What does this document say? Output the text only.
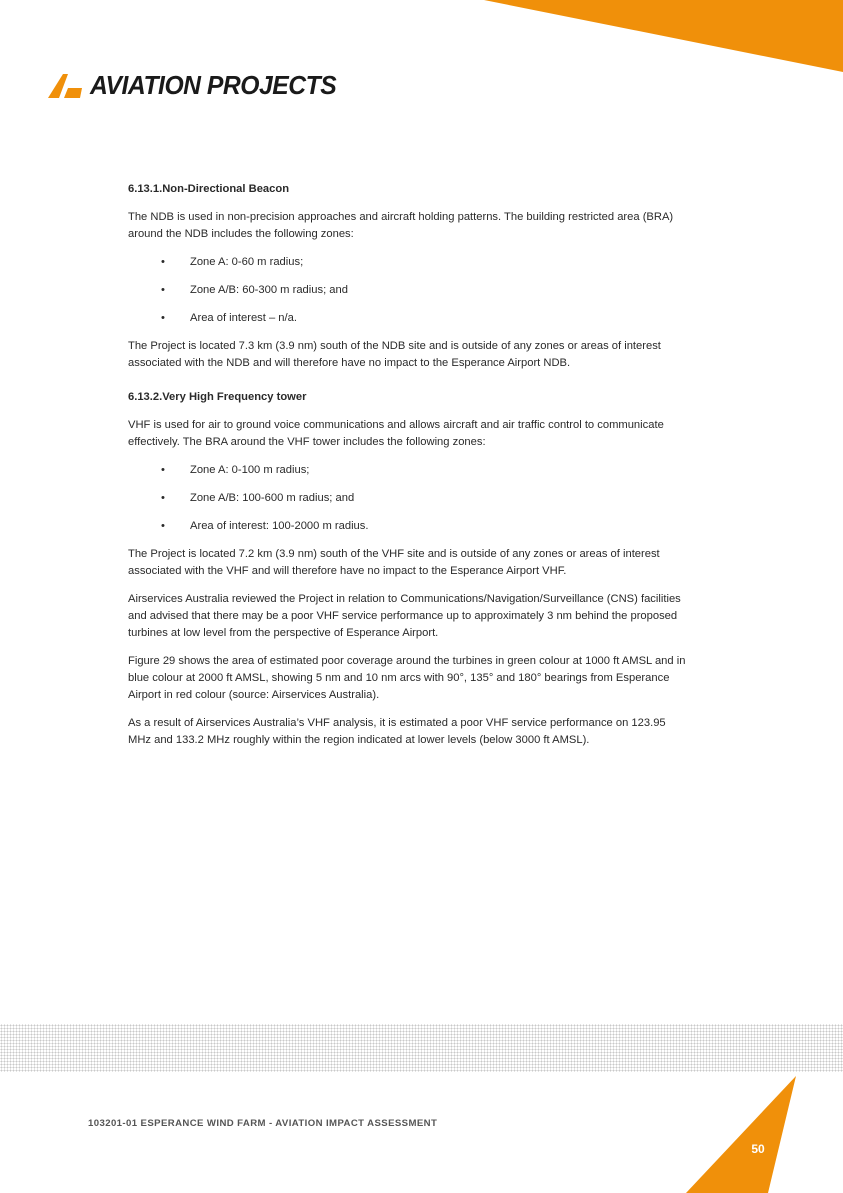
AVIATION PROJECTS
6.13.1.Non-Directional Beacon

The NDB is used in non-precision approaches and aircraft holding patterns. The building restricted area (BRA) around the NDB includes the following zones:

• Zone A: 0-60 m radius;
• Zone A/B: 60-300 m radius; and
• Area of interest – n/a.

The Project is located 7.3 km (3.9 nm) south of the NDB site and is outside of any zones or areas of interest associated with the NDB and will therefore have no impact to the Esperance Airport NDB.

6.13.2.Very High Frequency tower

VHF is used for air to ground voice communications and allows aircraft and air traffic control to communicate effectively. The BRA around the VHF tower includes the following zones:

• Zone A: 0-100 m radius;
• Zone A/B: 100-600 m radius; and
• Area of interest: 100-2000 m radius.

The Project is located 7.2 km (3.9 nm) south of the VHF site and is outside of any zones or areas of interest associated with the VHF and will therefore have no impact to the Esperance Airport VHF.

Airservices Australia reviewed the Project in relation to Communications/Navigation/Surveillance (CNS) facilities and advised that there may be a poor VHF service performance up to approximately 3 nm behind the proposed turbines at low level from the perspective of Esperance Airport.

Figure 29 shows the area of estimated poor coverage around the turbines in green colour at 1000 ft AMSL and in blue colour at 2000 ft AMSL, showing 5 nm and 10 nm arcs with 90°, 135° and 180° bearings from Esperance Airport in red colour (source: Airservices Australia).

As a result of Airservices Australia’s VHF analysis, it is estimated a poor VHF service performance on 123.95 MHz and 133.2 MHz roughly within the region indicated at lower levels (below 3000 ft AMSL).

103201-01 ESPERANCE WIND FARM - AVIATION IMPACT ASSESSMENT
50
